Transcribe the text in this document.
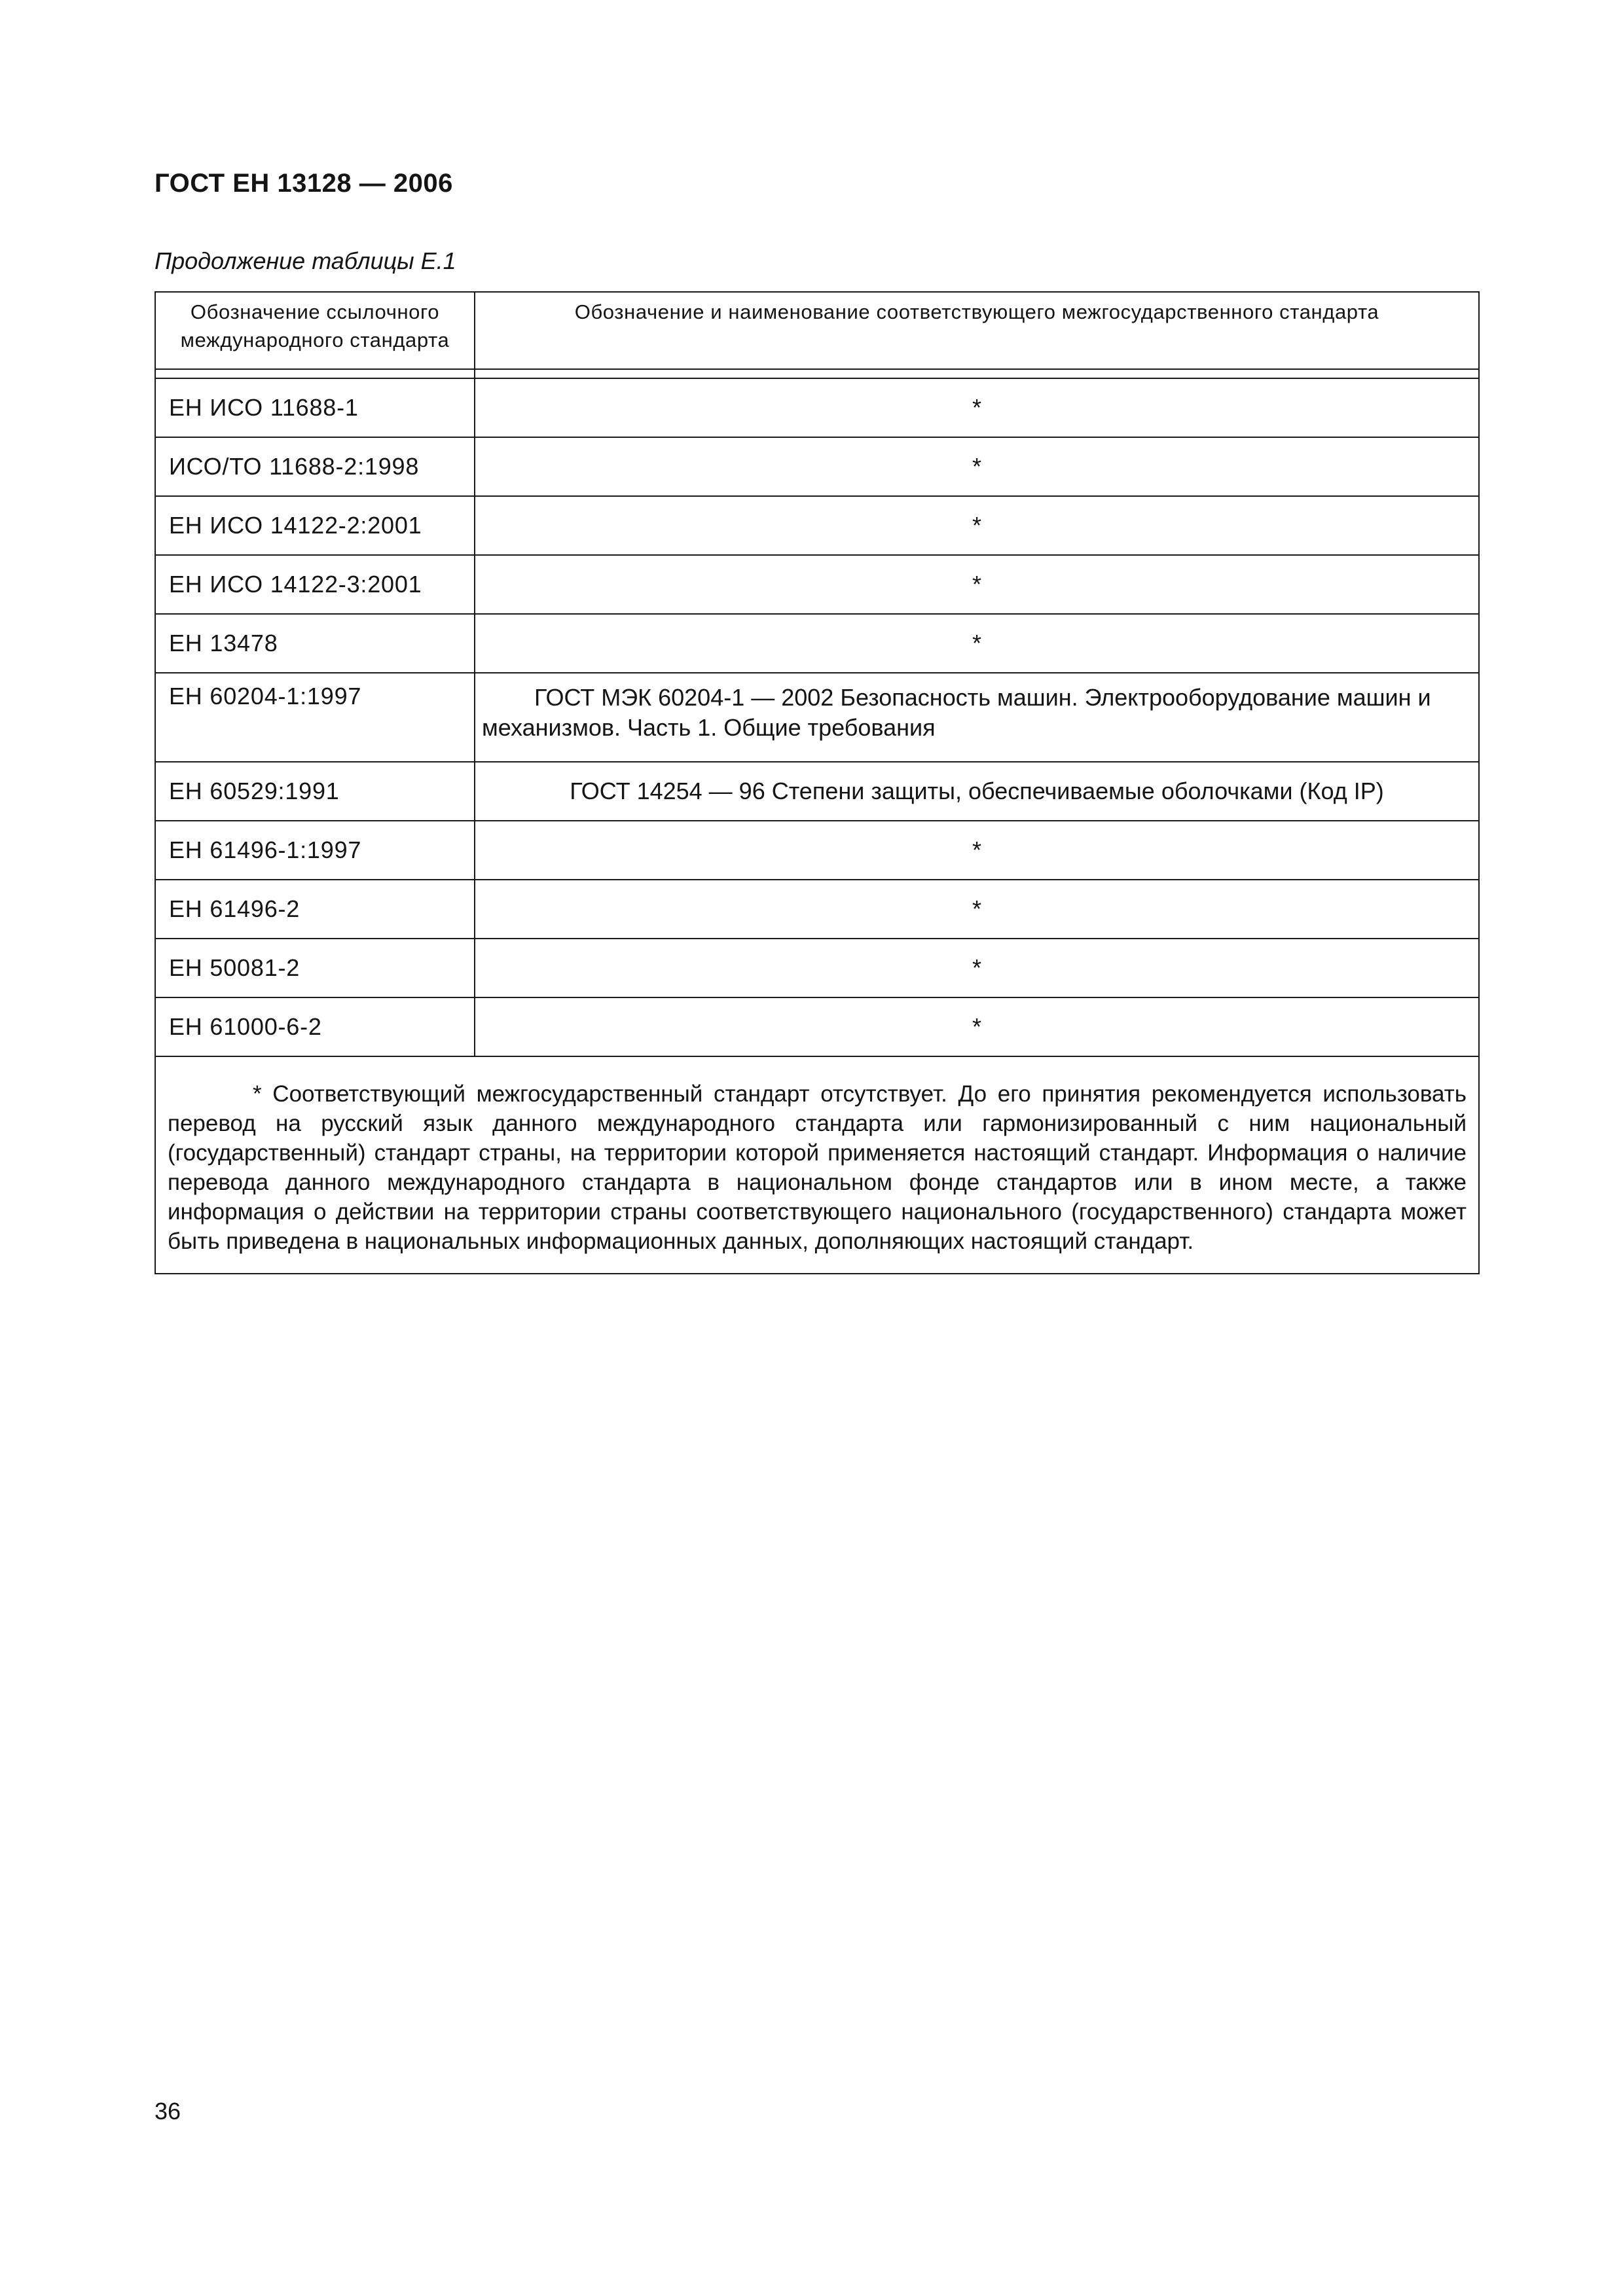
ГОСТ ЕН 13128 — 2006

Продолжение таблицы Е.1

Обозначение ссылочного международного стандарта	Обозначение и наименование соответствующего межгосударственного стандарта

ЕН ИСО 11688-1	*
ИСО/ТО 11688-2:1998	*
ЕН ИСО 14122-2:2001	*
ЕН ИСО 14122-3:2001	*
ЕН 13478	*
ЕН 60204-1:1997	ГОСТ МЭК 60204-1 — 2002 Безопасность машин. Электрооборудование машин и механизмов. Часть 1. Общие требования
ЕН 60529:1991	ГОСТ 14254 — 96 Степени защиты, обеспечиваемые оболочками (Код IP)
ЕН 61496-1:1997	*
ЕН 61496-2	*
ЕН 50081-2	*
ЕН 61000-6-2	*
* Соответствующий межгосударственный стандарт отсутствует. До его принятия рекомендуется использовать перевод на русский язык данного международного стандарта или гармонизированный с ним национальный (государственный) стандарт страны, на территории которой применяется настоящий стандарт. Информация о наличие перевода данного международного стандарта в национальном фонде стандартов или в ином месте, а также информация о действии на территории страны соответствующего национального (государственного) стандарта может быть приведена в национальных информационных данных, дополняющих настоящий стандарт.	

36
